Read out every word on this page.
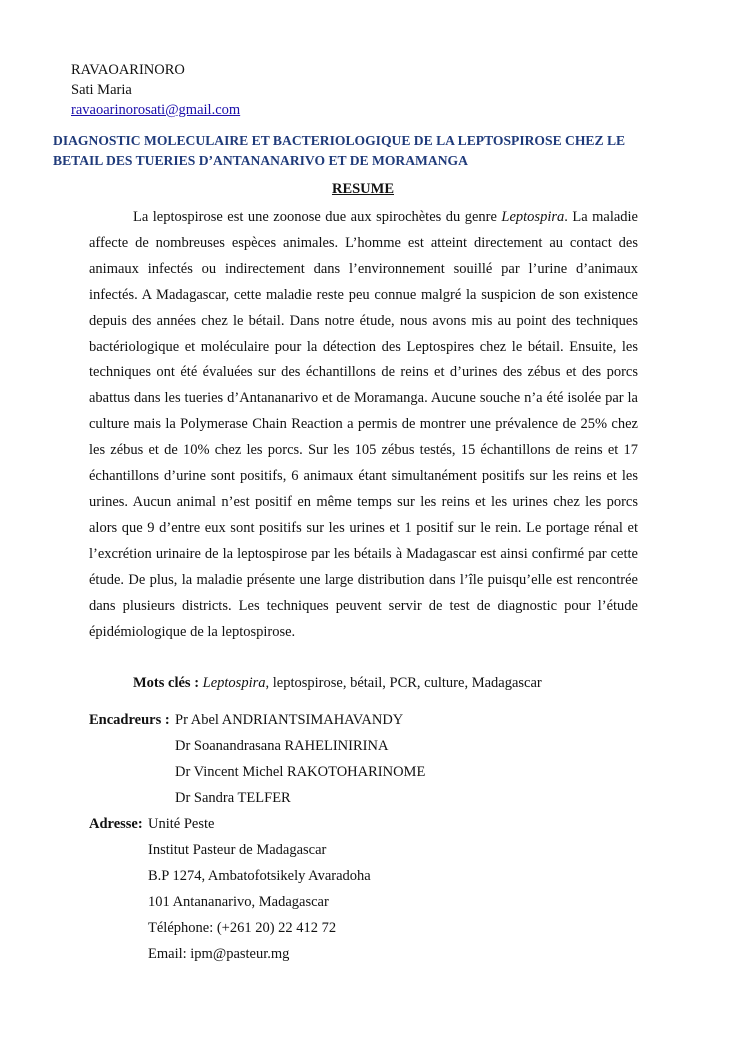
RAVAOARINORO
Sati Maria
ravaoarinorosati@gmail.com
DIAGNOSTIC MOLECULAIRE ET BACTERIOLOGIQUE DE LA LEPTOSPIROSE CHEZ LE
BETAIL DES TUERIES D’ANTANANARIVO ET DE MORAMANGA
RESUME

La leptospirose est une zoonose due aux spirochètes du genre Leptospira. La maladie affecte de nombreuses espèces animales. L’homme est atteint directement au contact des animaux infectés ou indirectement dans l’environnement souillé par l’urine d’animaux infectés. A Madagascar, cette maladie reste peu connue malgré la suspicion de son existence depuis des années chez le bétail. Dans notre étude, nous avons mis au point des techniques bactériologique et moléculaire pour la détection des Leptospires chez le bétail. Ensuite, les techniques ont été évaluées sur des échantillons de reins et d’urines des zébus et des porcs abattus dans les tueries d’Antananarivo et de Moramanga. Aucune souche n’a été isolée par la culture mais la Polymerase Chain Reaction a permis de montrer une prévalence de 25% chez les zébus et de 10% chez les porcs. Sur les 105 zébus testés, 15 échantillons de reins et 17 échantillons d’urine sont positifs, 6 animaux étant simultanément positifs sur les reins et les urines. Aucun animal n’est positif en même temps sur les reins et les urines chez les porcs alors que 9 d’entre eux sont positifs sur les urines et 1 positif sur le rein. Le portage rénal et l’excrétion urinaire de la leptospirose par les bétails à Madagascar est ainsi confirmé par cette étude. De plus, la maladie présente une large distribution dans l’île puisqu’elle est rencontrée dans plusieurs districts. Les techniques peuvent servir de test de diagnostic pour l’étude épidémiologique de la leptospirose.

Mots clés : Leptospira, leptospirose, bétail, PCR, culture, Madagascar
Encadreurs : Pr Abel ANDRIANTSIMAHAVANDY
Dr Soanandrasana RAHELINIRINA
Dr Vincent Michel RAKOTOHARINOME
Dr Sandra TELFER
Adresse: Unité Peste
Institut Pasteur de Madagascar
B.P 1274, Ambatofotsikely Avaradoha
101 Antananarivo, Madagascar
Téléphone: (+261 20) 22 412 72
Email: ipm@pasteur.mg
